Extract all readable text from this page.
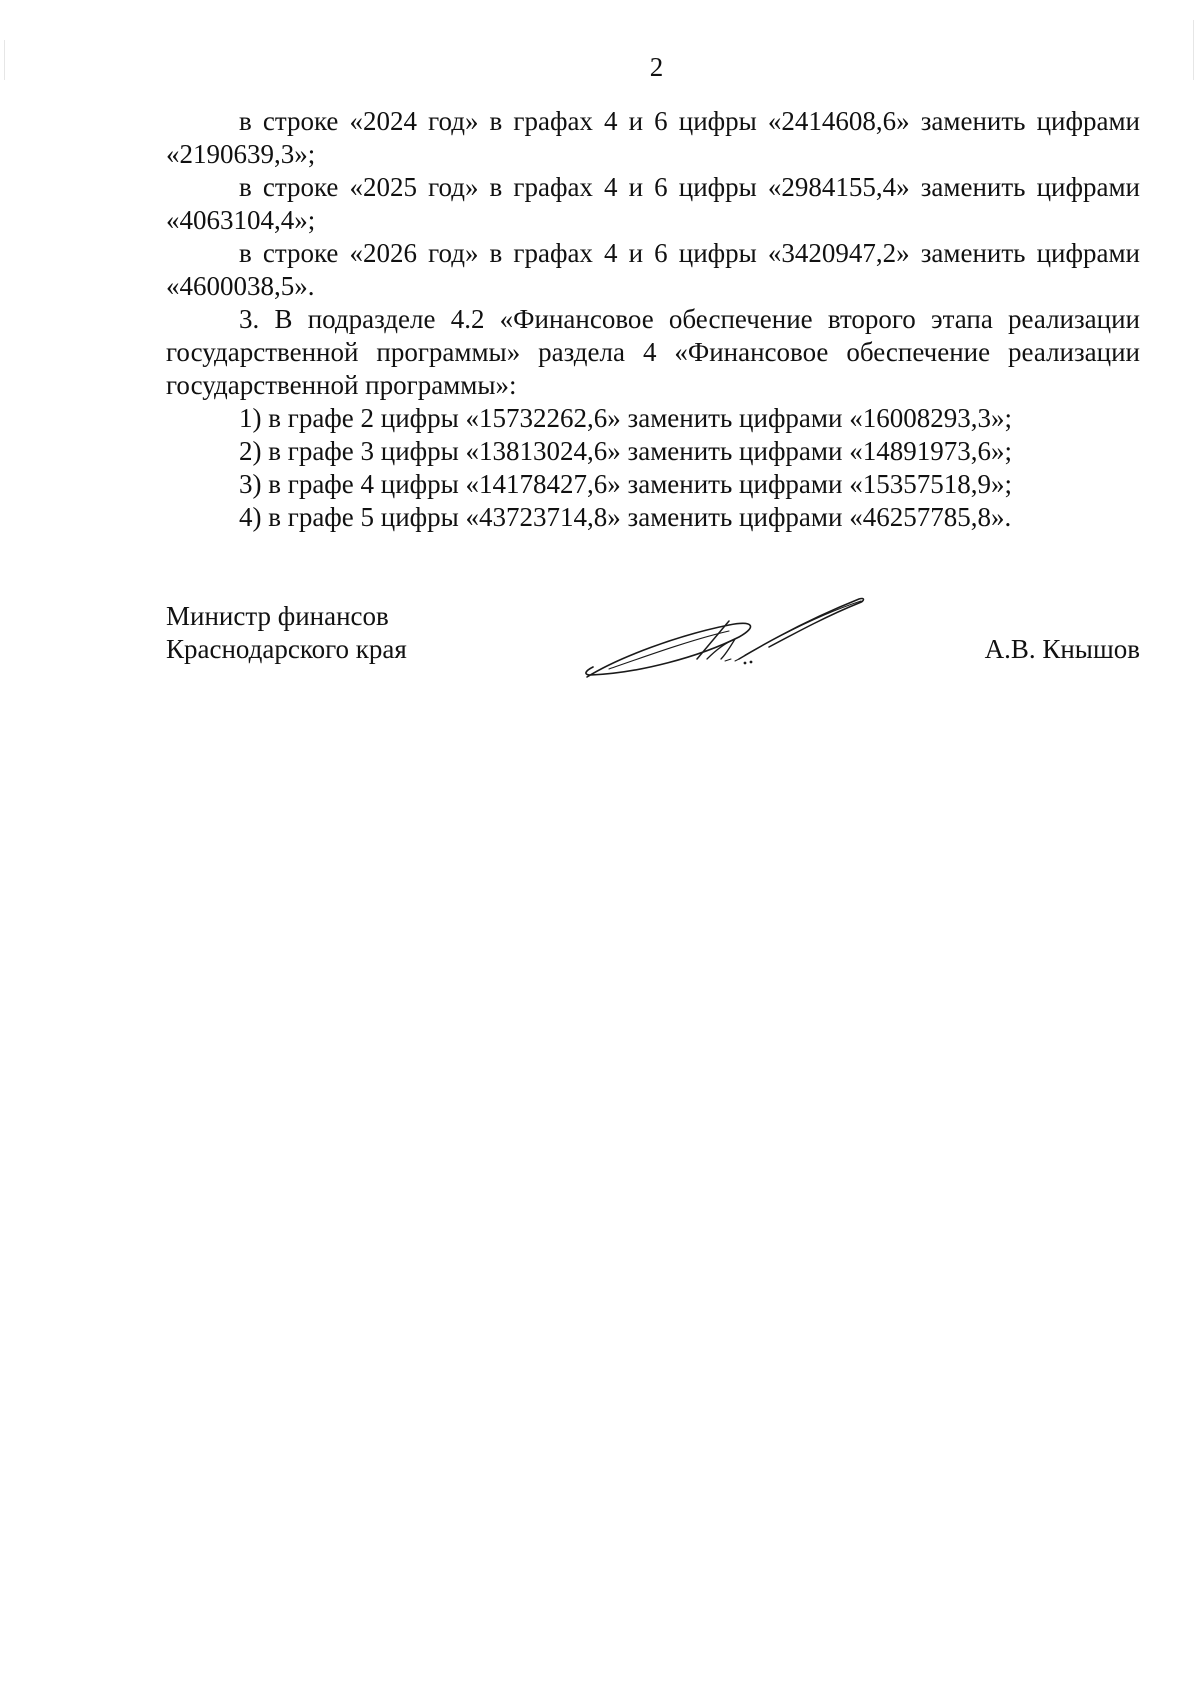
2

в строке «2024 год» в графах 4 и 6 цифры «2414608,6» заменить цифрами «2190639,3»;

в строке «2025 год» в графах 4 и 6 цифры «2984155,4» заменить цифрами «4063104,4»;

в строке «2026 год» в графах 4 и 6 цифры «3420947,2» заменить цифрами «4600038,5».

3. В подразделе 4.2 «Финансовое обеспечение второго этапа реализации государственной программы» раздела 4 «Финансовое обеспечение реализации государственной программы»:

1) в графе 2 цифры «15732262,6» заменить цифрами «16008293,3»;

2) в графе 3 цифры «13813024,6» заменить цифрами «14891973,6»;

3) в графе 4 цифры «14178427,6» заменить цифрами «15357518,9»;

4) в графе 5 цифры «43723714,8» заменить цифрами «46257785,8».

Министр финансов
Краснодарского края	А.В. Кнышов
